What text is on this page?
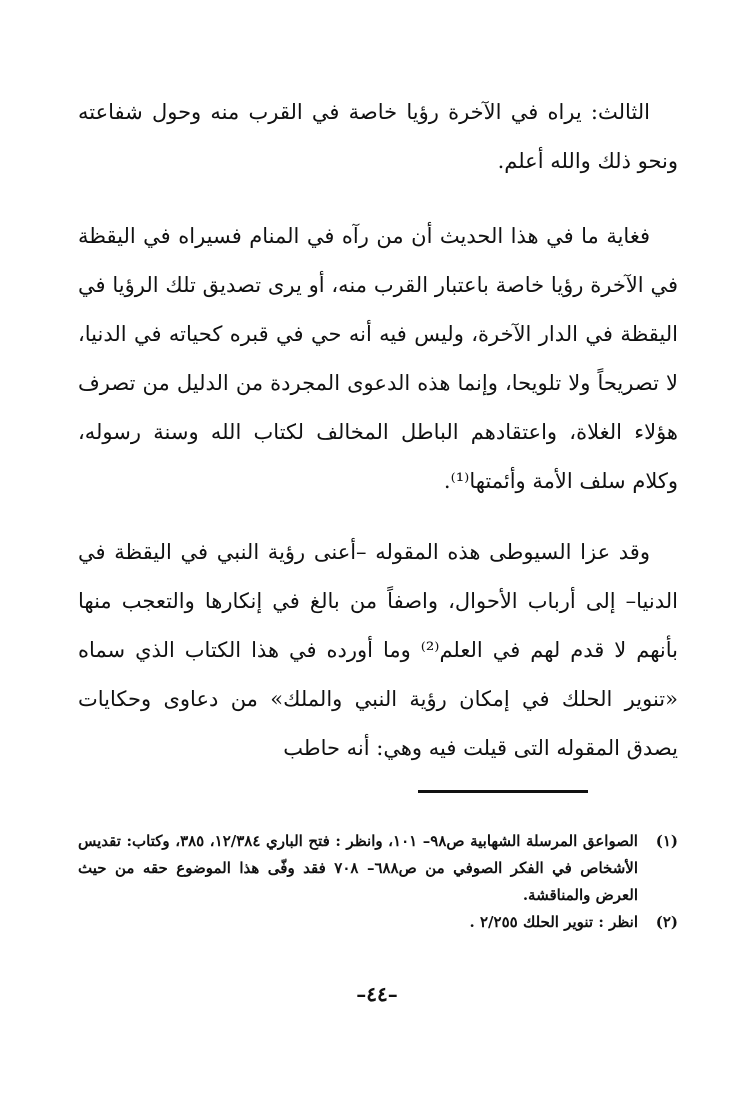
الثالث: يراه في الآخرة رؤيا خاصة في القرب منه وحول شفاعته ونحو ذلك والله أعلم.

فغاية ما في هذا الحديث أن من رآه في المنام فسيراه في اليقظة في الآخرة رؤيا خاصة باعتبار القرب منه، أو يرى تصديق تلك الرؤيا في اليقظة في الدار الآخرة، وليس فيه أنه حي في قبره كحياته في الدنيا، لا تصريحاً ولا تلويحا، وإنما هذه الدعوى المجردة من الدليل من تصرف هؤلاء الغلاة، واعتقادهم الباطل المخالف لكتاب الله وسنة رسوله، وكلام سلف الأمة وأئمتها⁽¹⁾.

وقد عزا السيوطى هذه المقوله –أعنى رؤية النبي في اليقظة في الدنيا– إلى أرباب الأحوال، واصفاً من بالغ في إنكارها والتعجب منها بأنهم لا قدم لهم في العلم⁽²⁾ وما أورده في هذا الكتاب الذي سماه «تنوير الحلك في إمكان رؤية النبي والملك» من دعاوى وحكايات يصدق المقوله التى قيلت فيه وهي: أنه حاطب

(١)
الصواعق المرسلة الشهابية ص٩٨– ١٠١، وانظر : فتح الباري ١٢/٣٨٤، ٣٨٥، وكتاب: تقديس الأشخاص في الفكر الصوفي من ص٦٨٨– ٧٠٨ فقد وفّى هذا الموضوع حقه من حيث العرض والمناقشة.
(٢)
انظر : تنوير الحلك ٢/٢٥٥ .
–٤٤–
